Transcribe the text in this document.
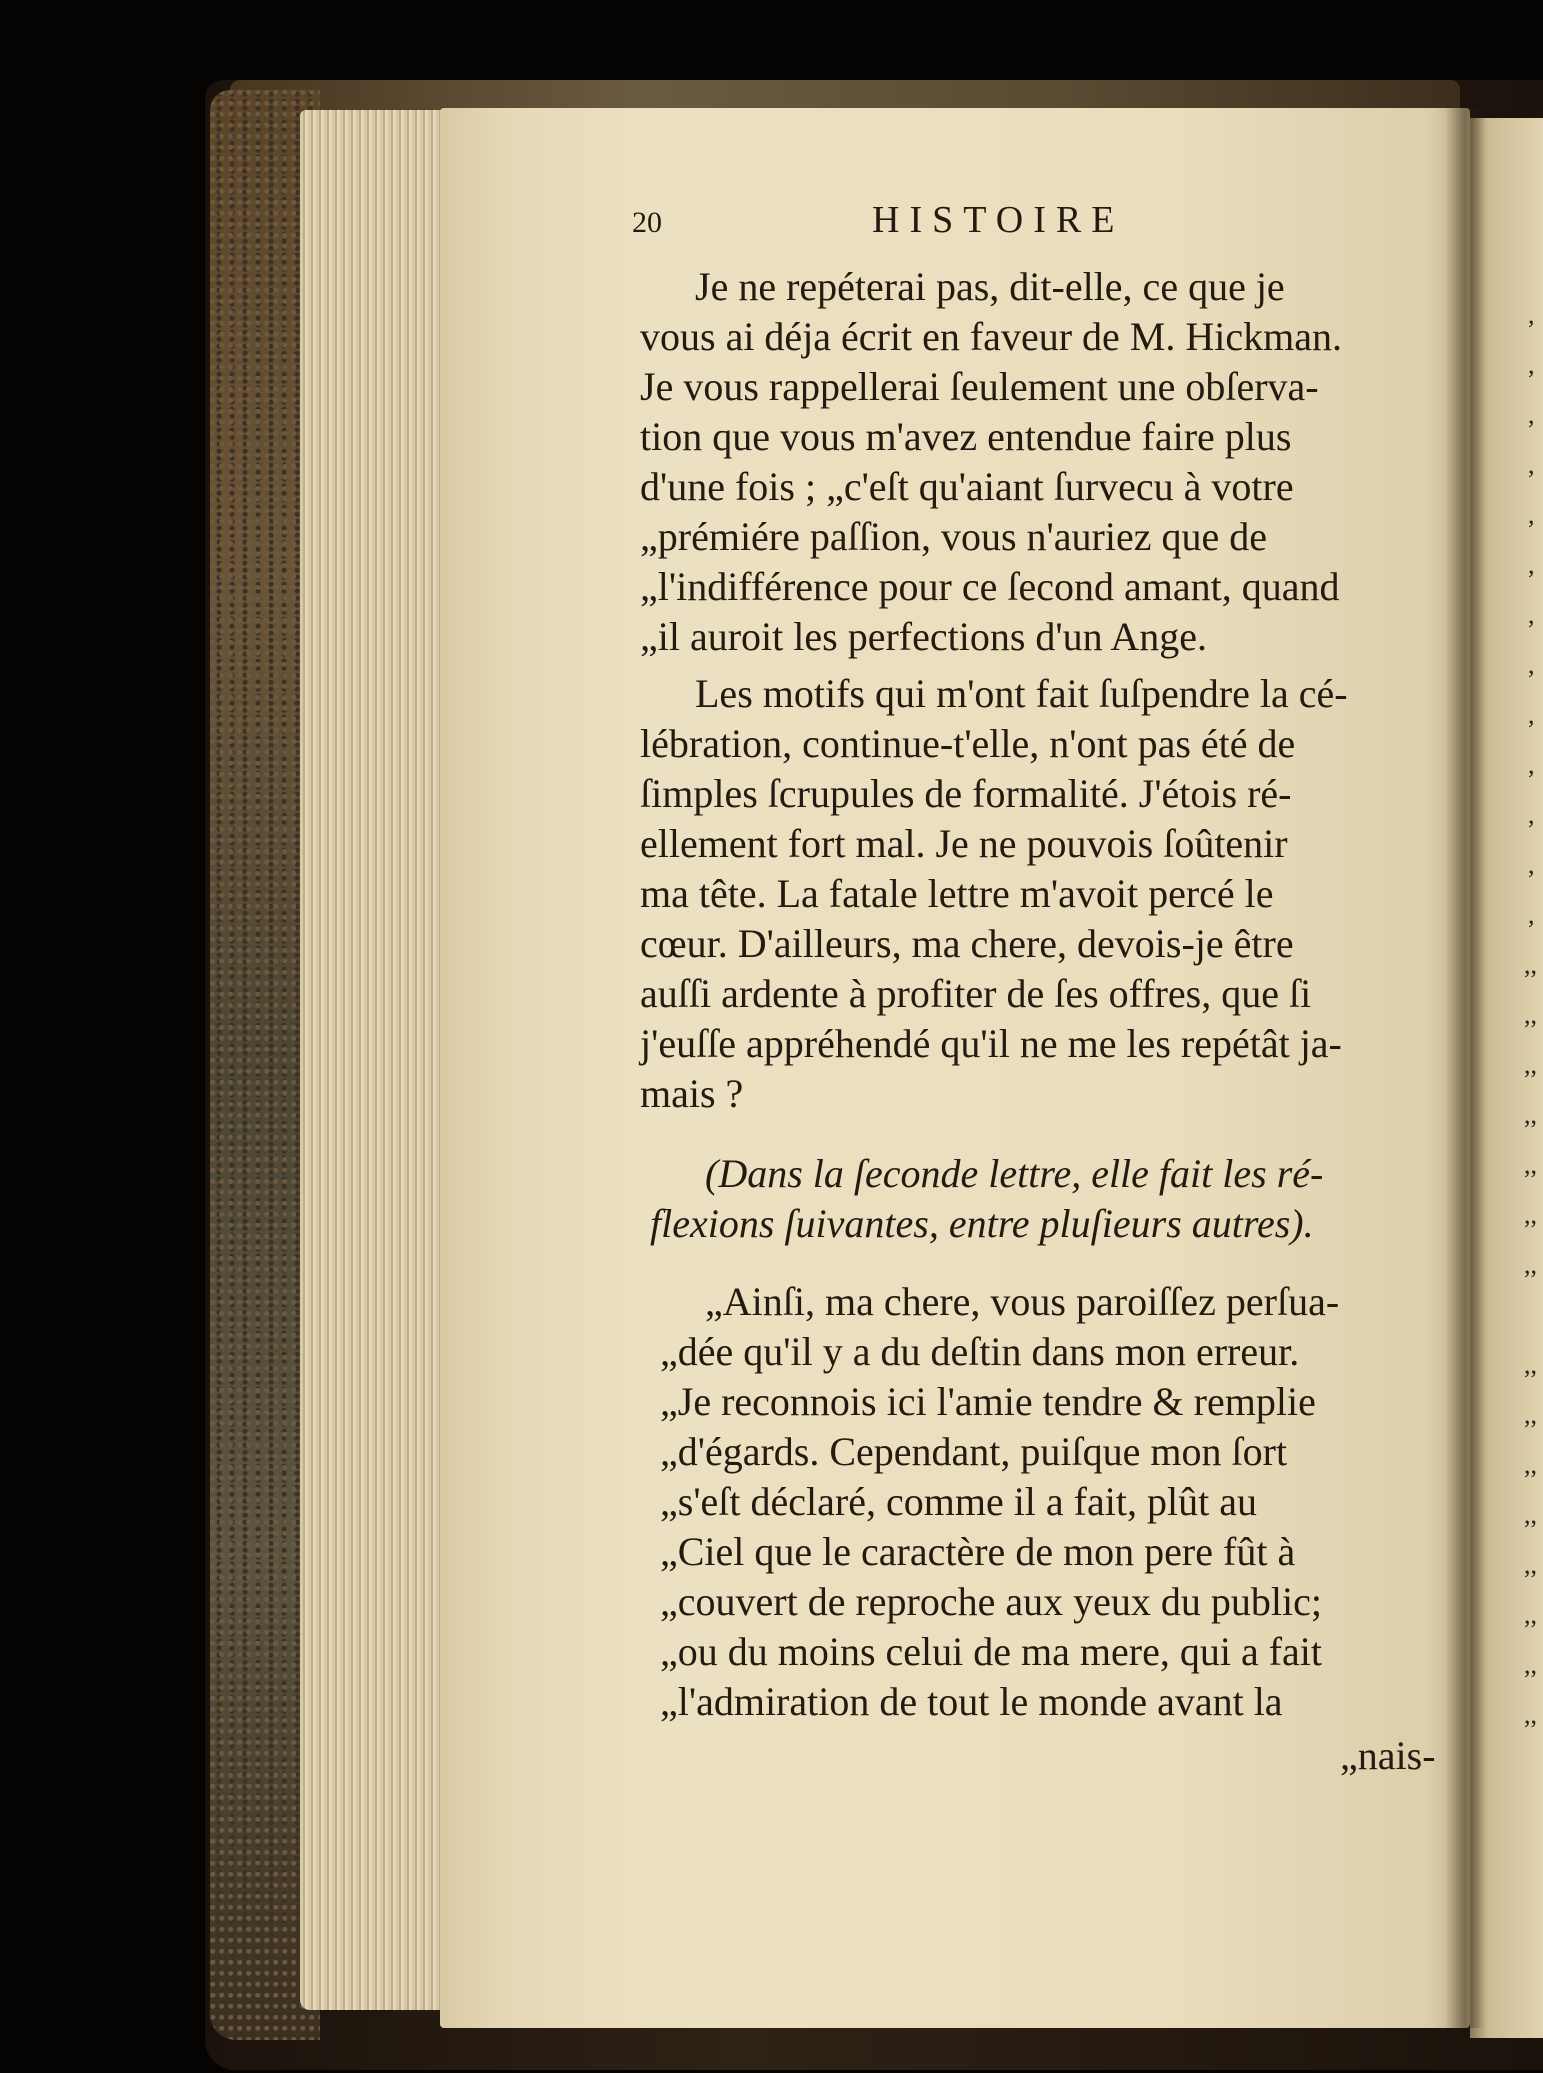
20	HISTOIRE
Je ne repéterai pas, dit-elle, ce que je
vous ai déja écrit en faveur de M. Hickman.
Je vous rappellerai ſeulement une obſerva-
tion que vous m'avez entendue faire plus
d'une fois ; „c'eſt qu'aiant ſurvecu à votre
„prémiére paſſion, vous n'auriez que de
„l'indifférence pour ce ſecond amant, quand
„il auroit les perfections d'un Ange.
Les motifs qui m'ont fait ſuſpendre la cé-
lébration, continue-t'elle, n'ont pas été de
ſimples ſcrupules de formalité. J'étois ré-
ellement fort mal. Je ne pouvois ſoûtenir
ma tête. La fatale lettre m'avoit percé le
cœur. D'ailleurs, ma chere, devois-je être
auſſi ardente à profiter de ſes offres, que ſi
j'euſſe appréhendé qu'il ne me les repétât ja-
mais ?
(Dans la ſeconde lettre, elle fait les ré-
flexions ſuivantes, entre pluſieurs autres).
„Ainſi, ma chere, vous paroiſſez perſua-
„dée qu'il y a du deſtin dans mon erreur.
„Je reconnois ici l'amie tendre & remplie
„d'égards. Cependant, puiſque mon ſort
„s'eſt déclaré, comme il a fait, plût au
„Ciel que le caractère de mon pere fût à
„couvert de reproche aux yeux du public;
„ou du moins celui de ma mere, qui a fait
„l'admiration de tout le monde avant la
„nais-
,
,
,
,
,
,
,
,
,
,
,
,
,
,,
,,
,,
,,
,,
,,
,,
,,
,,
,,
,,
,,
,,
,,
,,
